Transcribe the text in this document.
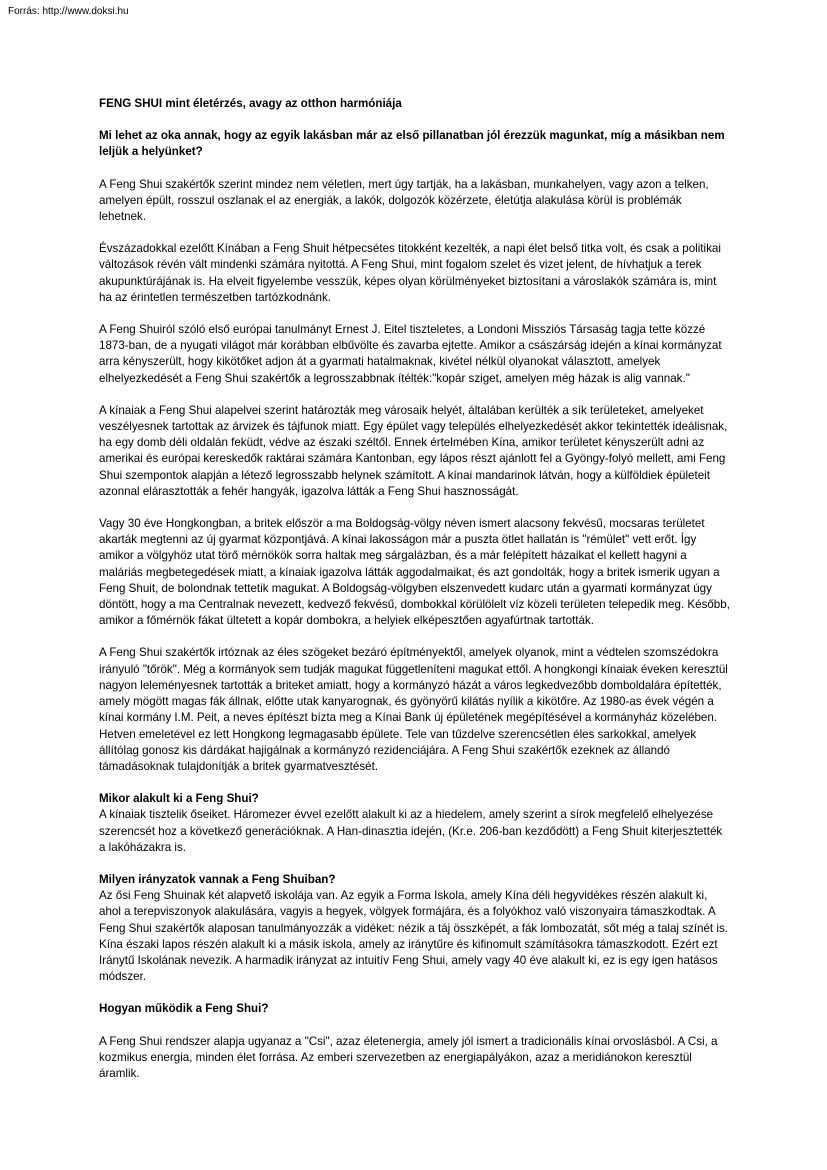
Forrás: http://www.doksi.hu

FENG SHUI mint életérzés, avagy az otthon harmóniája

Mi lehet az oka annak, hogy az egyik lakásban már az első pillanatban jól érezzük magunkat, míg a másikban nem leljük a helyünket?

A Feng Shui szakértők szerint mindez nem véletlen, mert úgy tartják, ha a lakásban, munkahelyen, vagy azon a telken, amelyen épült, rosszul oszlanak el az energiák, a lakók, dolgozók közérzete, életútja alakulása körül is problémák lehetnek.

Évszázadokkal ezelőtt Kínában a Feng Shuit hétpecsétes titokként kezelték, a napi élet belső titka volt, és csak a politikai változások révén vált mindenki számára nyitottá. A Feng Shui, mint fogalom szelet és vizet jelent, de hívhatjuk a terek akupunktúrájának is. Ha elveit figyelembe vesszük, képes olyan körülményeket biztosítani a városlakók számára is, mint ha az érintetlen természetben tartózkodnánk.

A Feng Shuiról szóló első európai tanulmányt Ernest J. Eitel tiszteletes, a Londoni Missziós Társaság tagja tette közzé 1873-ban, de a nyugati világot már korábban elbűvölte és zavarba ejtette. Amikor a császárság idején a kínai kormányzat arra kényszerült, hogy kikötőket adjon át a gyarmati hatalmaknak, kivétel nélkül olyanokat választott, amelyek elhelyezkedését a Feng Shui szakértők a legrosszabbnak ítélték:"kopár sziget, amelyen még házak is alig vannak."

A kínaiak a Feng Shui alapelvei szerint határozták meg városaik helyét, általában kerülték a sík területeket, amelyeket veszélyesnek tartottak az árvizek és tájfunok miatt. Egy épület vagy település elhelyezkedését akkor tekintették ideálisnak, ha egy domb déli oldalán feküdt, védve az északi széltől. Ennek értelmében Kína, amikor területet kényszerült adni az amerikai és európai kereskedők raktárai számára Kantonban, egy lápos részt ajánlott fel a Gyöngy-folyó mellett, ami Feng Shui szempontok alapján a létező legrosszabb helynek számított. A kínai mandarinok látván, hogy a külföldiek épületeit azonnal elárasztották a fehér hangyák, igazolva látták a Feng Shui hasznosságát.

Vagy 30 éve Hongkongban, a britek először a ma Boldogság-völgy néven ismert alacsony fekvésű, mocsaras területet akarták megtenni az új gyarmat központjává. A kínai lakosságon már a puszta ötlet hallatán is "rémület" vett erőt. Így amikor a völgyhöz utat törő mérnökök sorra haltak meg sárgalázban, és a már felépített házaikat el kellett hagyni a maláriás megbetegedések miatt, a kínaiak igazolva látták aggodalmaikat, és azt gondolták, hogy a britek ismerik ugyan a Feng Shuit, de bolondnak tettetik magukat. A Boldogság-völgyben elszenvedett kudarc után a gyarmati kormányzat úgy döntött, hogy a ma Centralnak nevezett, kedvező fekvésű, dombokkal körülölelt víz közeli területen telepedik meg. Később, amikor a főmérnök fákat ültetett a kopár dombokra, a helyiek elképesztően agyafúrtnak tartották.

A Feng Shui szakértők irtóznak az éles szögeket bezáró építményektől, amelyek olyanok, mint a védtelen szomszédokra irányuló "tőrök". Még a kormányok sem tudják magukat függetleníteni magukat ettől. A hongkongi kínaiak éveken keresztül nagyon leleményesnek tartották a briteket amiatt, hogy a kormányzó házát a város legkedvezőbb domboldalára építették, amely mögött magas fák állnak, előtte utak kanyarognak, és gyönyörű kilátás nyílik a kikötőre. Az 1980-as évek végén a kínai kormány I.M. Peit, a neves építészt bízta meg a Kínai Bank új épületének megépítésével a kormányház közelében. Hetven emeletével ez lett Hongkong legmagasabb épülete. Tele van tűzdelve szerencsétlen éles sarkokkal, amelyek állítólag gonosz kis dárdákat hajigálnak a kormányzó rezidenciájára. A Feng Shui szakértők ezeknek az állandó támadásoknak tulajdonítják a britek gyarmatvesztését.

Mikor alakult ki a Feng Shui?

A kínaiak tisztelik őseiket. Háromezer évvel ezelőtt alakult ki az a hiedelem, amely szerint a sírok megfelelő elhelyezése szerencsét hoz a következő generációknak. A Han-dinasztia idején, (Kr.e. 206-ban kezdődött) a Feng Shuit kiterjesztették a lakóházakra is.

Milyen irányzatok vannak a Feng Shuiban?

Az ősi Feng Shuinak két alapvető iskolája van. Az egyik a Forma Iskola, amely Kína déli hegyvidékes részén alakult ki, ahol a terepviszonyok alakulására, vagyis a hegyek, völgyek formájára, és a folyókhoz való viszonyaira támaszkodtak. A Feng Shui szakértők alaposan tanulmányozzák a vidéket: nézik a táj összképét, a fák lombozatát, sőt még a talaj színét is. Kína északi lapos részén alakult ki a másik iskola, amely az iránytűre és kifinomult számításokra támaszkodott. Ezért ezt Iránytű Iskolának nevezik. A harmadik irányzat az intuitív Feng Shui, amely vagy 40 éve alakult ki, ez is egy igen hatásos módszer.

Hogyan működik a Feng Shui?

A Feng Shui rendszer alapja ugyanaz a "Csi", azaz életenergia, amely jól ismert a tradicionális kínai orvoslásból. A Csi, a kozmikus energia, minden élet forrása. Az emberi szervezetben az energiapályákon, azaz a meridiánokon keresztül áramlik.
